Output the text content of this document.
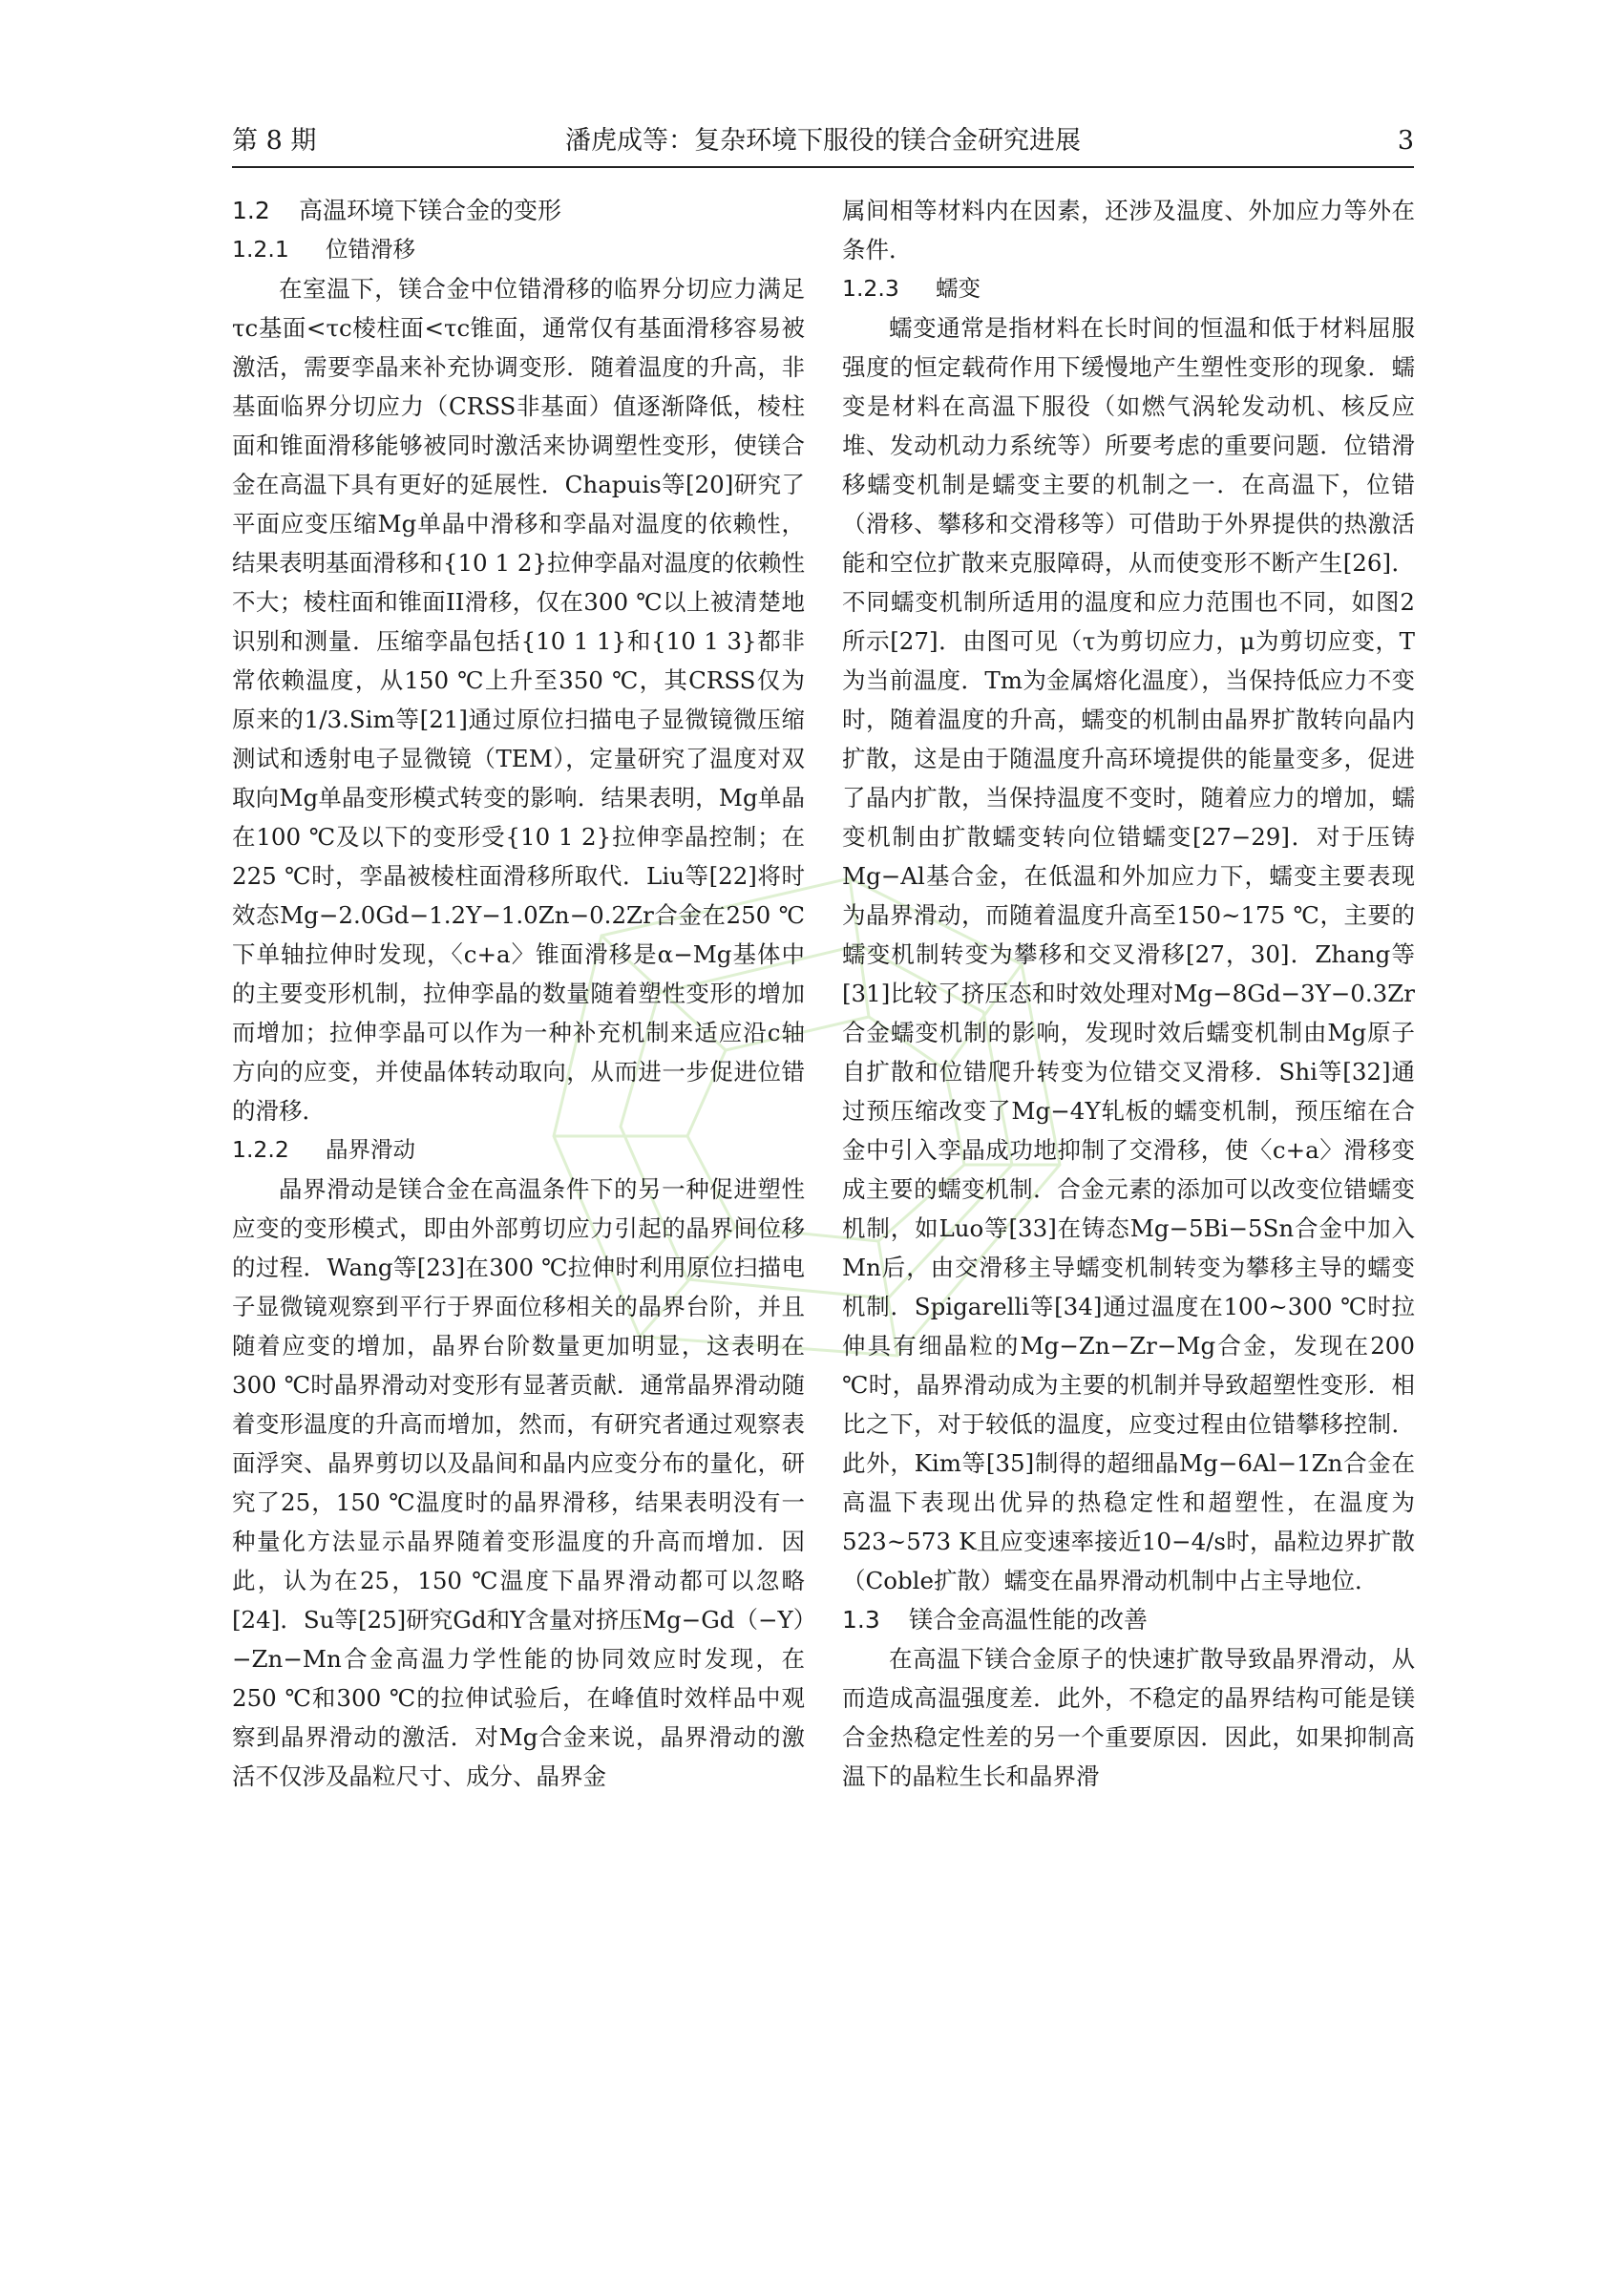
第 8 期	潘虎成等：复杂环境下服役的镁合金研究进展	3
1.2 高温环境下镁合金的变形
1.2.1 位错滑移

在室温下，镁合金中位错滑移的临界分切应力满足τc基面<τc棱柱面<τc锥面，通常仅有基面滑移容易被激活，需要孪晶来补充协调变形．随着温度的升高，非基面临界分切应力（CRSS非基面）值逐渐降低，棱柱面和锥面滑移能够被同时激活来协调塑性变形，使镁合金在高温下具有更好的延展性．Chapuis等[20]研究了平面应变压缩Mg单晶中滑移和孪晶对温度的依赖性，结果表明基面滑移和{10 1 2}拉伸孪晶对温度的依赖性不大；棱柱面和锥面II滑移，仅在300 ℃以上被清楚地识别和测量．压缩孪晶包括{10 1 1}和{10 1 3}都非常依赖温度，从150 ℃上升至350 ℃，其CRSS仅为原来的1/3.Sim等[21]通过原位扫描电子显微镜微压缩测试和透射电子显微镜（TEM），定量研究了温度对双取向Mg单晶变形模式转变的影响．结果表明，Mg单晶在100 ℃及以下的变形受{10 1 2}拉伸孪晶控制；在225 ℃时，孪晶被棱柱面滑移所取代．Liu等[22]将时效态Mg−2.0Gd−1.2Y−1.0Zn−0.2Zr合金在250 ℃下单轴拉伸时发现，〈c+a〉锥面滑移是α−Mg基体中的主要变形机制，拉伸孪晶的数量随着塑性变形的增加而增加；拉伸孪晶可以作为一种补充机制来适应沿c轴方向的应变，并使晶体转动取向，从而进一步促进位错的滑移．

1.2.2 晶界滑动

晶界滑动是镁合金在高温条件下的另一种促进塑性应变的变形模式，即由外部剪切应力引起的晶界间位移的过程．Wang等[23]在300 ℃拉伸时利用原位扫描电子显微镜观察到平行于界面位移相关的晶界台阶，并且随着应变的增加，晶界台阶数量更加明显，这表明在300 ℃时晶界滑动对变形有显著贡献．通常晶界滑动随着变形温度的升高而增加，然而，有研究者通过观察表面浮突、晶界剪切以及晶间和晶内应变分布的量化，研究了25，150 ℃温度时的晶界滑移，结果表明没有一种量化方法显示晶界随着变形温度的升高而增加．因此，认为在25，150 ℃温度下晶界滑动都可以忽略[24]．Su等[25]研究Gd和Y含量对挤压Mg−Gd（−Y）−Zn−Mn合金高温力学性能的协同效应时发现，在250 ℃和300 ℃的拉伸试验后，在峰值时效样品中观察到晶界滑动的激活．对Mg合金来说，晶界滑动的激活不仅涉及晶粒尺寸、成分、晶界金

属间相等材料内在因素，还涉及温度、外加应力等外在条件．

1.2.3 蠕变

蠕变通常是指材料在长时间的恒温和低于材料屈服强度的恒定载荷作用下缓慢地产生塑性变形的现象．蠕变是材料在高温下服役（如燃气涡轮发动机、核反应堆、发动机动力系统等）所要考虑的重要问题．位错滑移蠕变机制是蠕变主要的机制之一．在高温下，位错（滑移、攀移和交滑移等）可借助于外界提供的热激活能和空位扩散来克服障碍，从而使变形不断产生[26]．不同蠕变机制所适用的温度和应力范围也不同，如图2所示[27]．由图可见（τ为剪切应力，μ为剪切应变，T为当前温度．Tm为金属熔化温度），当保持低应力不变时，随着温度的升高，蠕变的机制由晶界扩散转向晶内扩散，这是由于随温度升高环境提供的能量变多，促进了晶内扩散，当保持温度不变时，随着应力的增加，蠕变机制由扩散蠕变转向位错蠕变[27−29]．对于压铸Mg−Al基合金，在低温和外加应力下，蠕变主要表现为晶界滑动，而随着温度升高至150~175 ℃，主要的蠕变机制转变为攀移和交叉滑移[27，30]．Zhang等[31]比较了挤压态和时效处理对Mg−8Gd−3Y−0.3Zr合金蠕变机制的影响，发现时效后蠕变机制由Mg原子自扩散和位错爬升转变为位错交叉滑移．Shi等[32]通过预压缩改变了Mg−4Y轧板的蠕变机制，预压缩在合金中引入孪晶成功地抑制了交滑移，使〈c+a〉滑移变成主要的蠕变机制．合金元素的添加可以改变位错蠕变机制，如Luo等[33]在铸态Mg−5Bi−5Sn合金中加入Mn后，由交滑移主导蠕变机制转变为攀移主导的蠕变机制．Spigarelli等[34]通过温度在100~300 ℃时拉伸具有细晶粒的Mg−Zn−Zr−Mg合金，发现在200 ℃时，晶界滑动成为主要的机制并导致超塑性变形．相比之下，对于较低的温度，应变过程由位错攀移控制．此外，Kim等[35]制得的超细晶Mg−6Al−1Zn合金在高温下表现出优异的热稳定性和超塑性，在温度为523~573 K且应变速率接近10−4/s时，晶粒边界扩散（Coble扩散）蠕变在晶界滑动机制中占主导地位．

1.3 镁合金高温性能的改善

在高温下镁合金原子的快速扩散导致晶界滑动，从而造成高温强度差．此外，不稳定的晶界结构可能是镁合金热稳定性差的另一个重要原因．因此，如果抑制高温下的晶粒生长和晶界滑
